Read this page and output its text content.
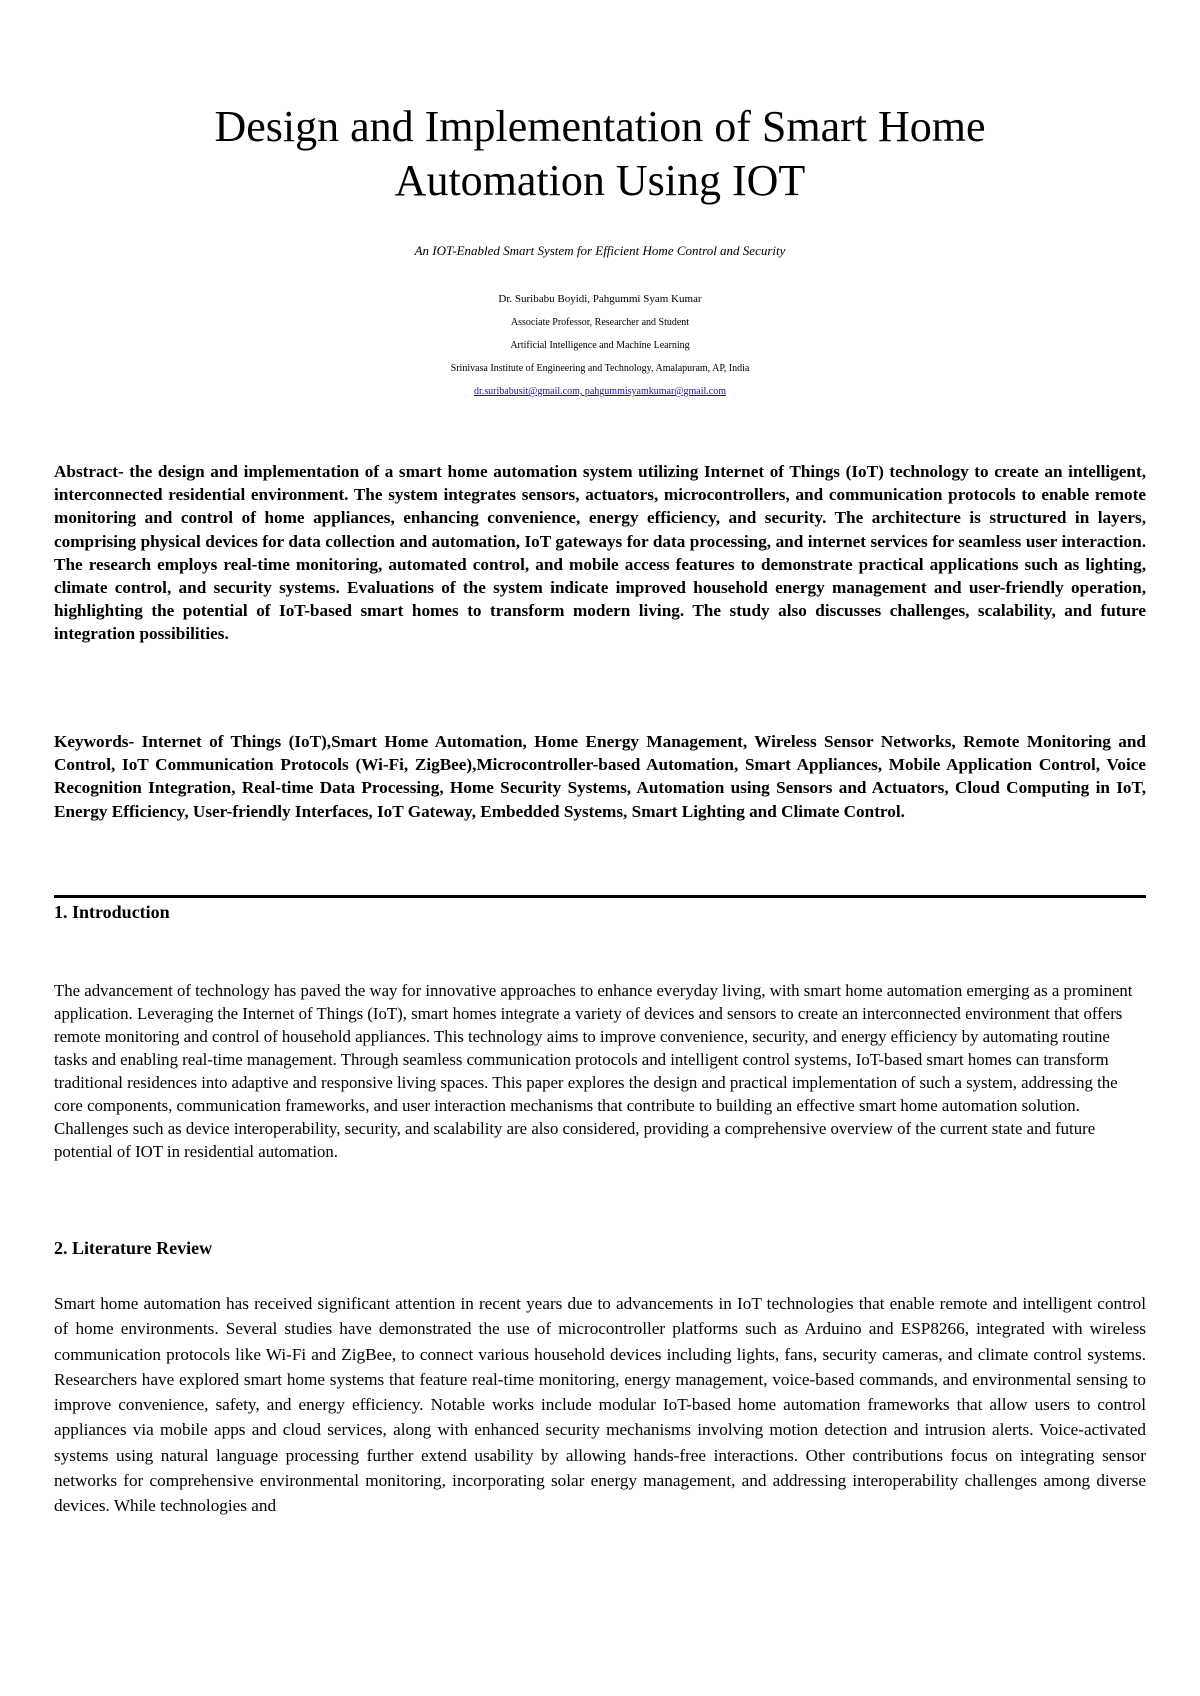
Design and Implementation of Smart Home
Automation Using IOT
An IOT-Enabled Smart System for Efficient Home Control and Security
Dr. Suribabu Boyidi, Pahgummi Syam Kumar
Associate Professor, Researcher and Student
Artificial Intelligence and Machine Learning
Srinivasa Institute of Engineering and Technology, Amalapuram, AP, India
dr.suribabusit@gmail.com, pahgummisyamkumar@gmail.com
Abstract- the design and implementation of a smart home automation system utilizing Internet of Things (IoT) technology to create an intelligent, interconnected residential environment. The system integrates sensors, actuators, microcontrollers, and communication protocols to enable remote monitoring and control of home appliances, enhancing convenience, energy efficiency, and security. The architecture is structured in layers, comprising physical devices for data collection and automation, IoT gateways for data processing, and internet services for seamless user interaction. The research employs real-time monitoring, automated control, and mobile access features to demonstrate practical applications such as lighting, climate control, and security systems. Evaluations of the system indicate improved household energy management and user-friendly operation, highlighting the potential of IoT-based smart homes to transform modern living. The study also discusses challenges, scalability, and future integration possibilities.
Keywords- Internet of Things (IoT),Smart Home Automation, Home Energy Management, Wireless Sensor Networks, Remote Monitoring and Control, IoT Communication Protocols (Wi-Fi, ZigBee),Microcontroller-based Automation, Smart Appliances, Mobile Application Control, Voice Recognition Integration, Real-time Data Processing, Home Security Systems, Automation using Sensors and Actuators, Cloud Computing in IoT, Energy Efficiency, User-friendly Interfaces, IoT Gateway, Embedded Systems, Smart Lighting and Climate Control.
1. Introduction
The advancement of technology has paved the way for innovative approaches to enhance everyday living, with smart home automation emerging as a prominent application. Leveraging the Internet of Things (IoT), smart homes integrate a variety of devices and sensors to create an interconnected environment that offers remote monitoring and control of household appliances. This technology aims to improve convenience, security, and energy efficiency by automating routine tasks and enabling real-time management. Through seamless communication protocols and intelligent control systems, IoT-based smart homes can transform traditional residences into adaptive and responsive living spaces. This paper explores the design and practical implementation of such a system, addressing the core components, communication frameworks, and user interaction mechanisms that contribute to building an effective smart home automation solution. Challenges such as device interoperability, security, and scalability are also considered, providing a comprehensive overview of the current state and future potential of IOT in residential automation.
2. Literature Review
Smart home automation has received significant attention in recent years due to advancements in IoT technologies that enable remote and intelligent control of home environments. Several studies have demonstrated the use of microcontroller platforms such as Arduino and ESP8266, integrated with wireless communication protocols like Wi-Fi and ZigBee, to connect various household devices including lights, fans, security cameras, and climate control systems. Researchers have explored smart home systems that feature real-time monitoring, energy management, voice-based commands, and environmental sensing to improve convenience, safety, and energy efficiency. Notable works include modular IoT-based home automation frameworks that allow users to control appliances via mobile apps and cloud services, along with enhanced security mechanisms involving motion detection and intrusion alerts. Voice-activated systems using natural language processing further extend usability by allowing hands-free interactions. Other contributions focus on integrating sensor networks for comprehensive environmental monitoring, incorporating solar energy management, and addressing interoperability challenges among diverse devices. While technologies and
